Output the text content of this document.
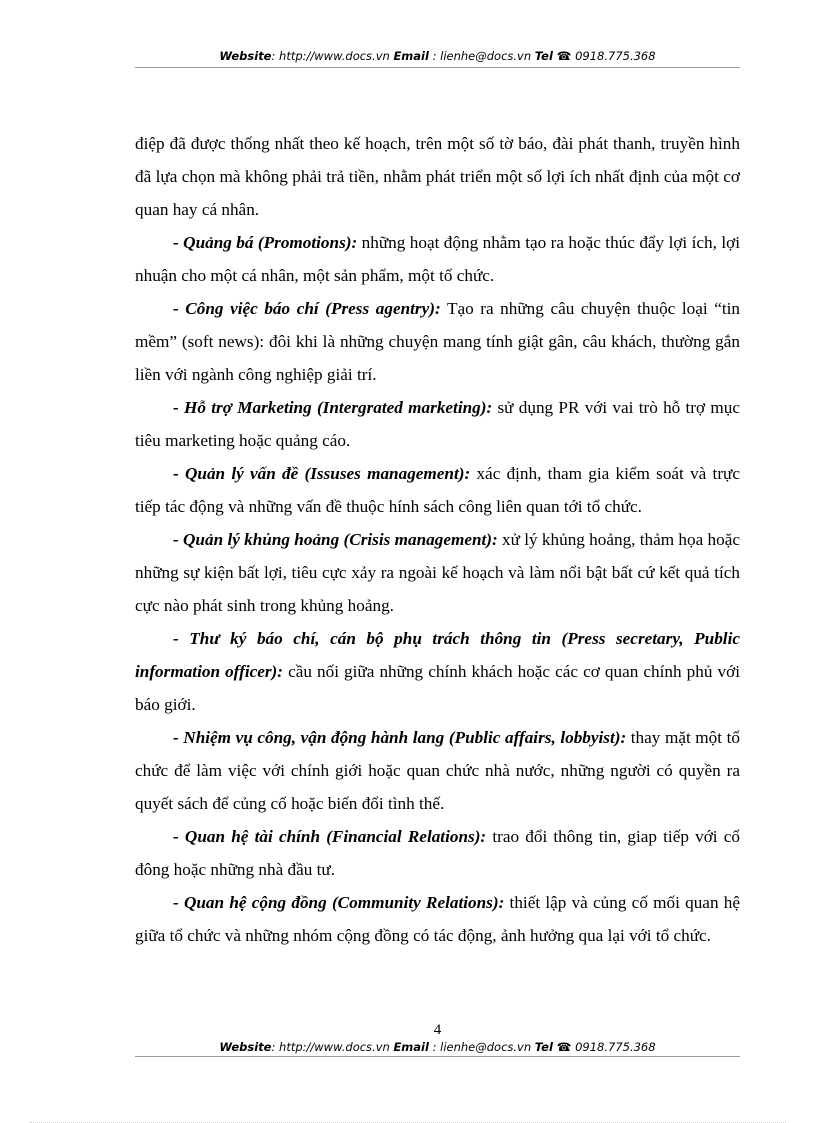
Website: http://www.docs.vn Email : lienhe@docs.vn Tel ☎: 0918.775.368

điệp đã được thống nhất theo kế hoạch, trên một số tờ báo, đài phát thanh, truyền hình đã lựa chọn mà không phải trả tiền, nhằm phát triển một số lợi ích nhất định của một cơ quan hay cá nhân.

- Quảng bá (Promotions): những hoạt động nhằm tạo ra hoặc thúc đẩy lợi ích, lợi nhuận cho một cá nhân, một sản phẩm, một tổ chức.

- Công việc báo chí (Press agentry): Tạo ra những câu chuyện thuộc loại “tin mềm” (soft news): đôi khi là những chuyện mang tính giật gân, câu khách, thường gắn liền với ngành công nghiệp giải trí.

- Hỗ trợ Marketing (Intergrated marketing): sử dụng PR với vai trò hỗ trợ mục tiêu marketing hoặc quảng cáo.

- Quản lý vấn đề (Issuses management): xác định, tham gia kiểm soát và trực tiếp tác động và những vấn đề thuộc hính sách công liên quan tới tổ chức.

- Quản lý khủng hoảng (Crisis management): xử lý khủng hoảng, thảm họa hoặc những sự kiện bất lợi, tiêu cực xảy ra ngoài kế hoạch và làm nổi bật bất cứ kết quả tích cực nào phát sinh trong khủng hoảng.

- Thư ký báo chí, cán bộ phụ trách thông tin (Press secretary, Public information officer): cầu nối giữa những chính khách hoặc các cơ quan chính phủ với báo giới.

- Nhiệm vụ công, vận động hành lang (Public affairs, lobbyist): thay mặt một tổ chức để làm việc với chính giới hoặc quan chức nhà nước, những người có quyền ra quyết sách để củng cố hoặc biến đổi tình thế.

- Quan hệ tài chính (Financial Relations): trao đổi thông tin, giap tiếp với cổ đông hoặc những nhà đầu tư.

- Quan hệ cộng đồng (Community Relations): thiết lập và củng cố mối quan hệ giữa tổ chức và những nhóm cộng đồng có tác động, ảnh hưởng qua lại với tổ chức.

4
Website: http://www.docs.vn Email : lienhe@docs.vn Tel ☎: 0918.775.368
